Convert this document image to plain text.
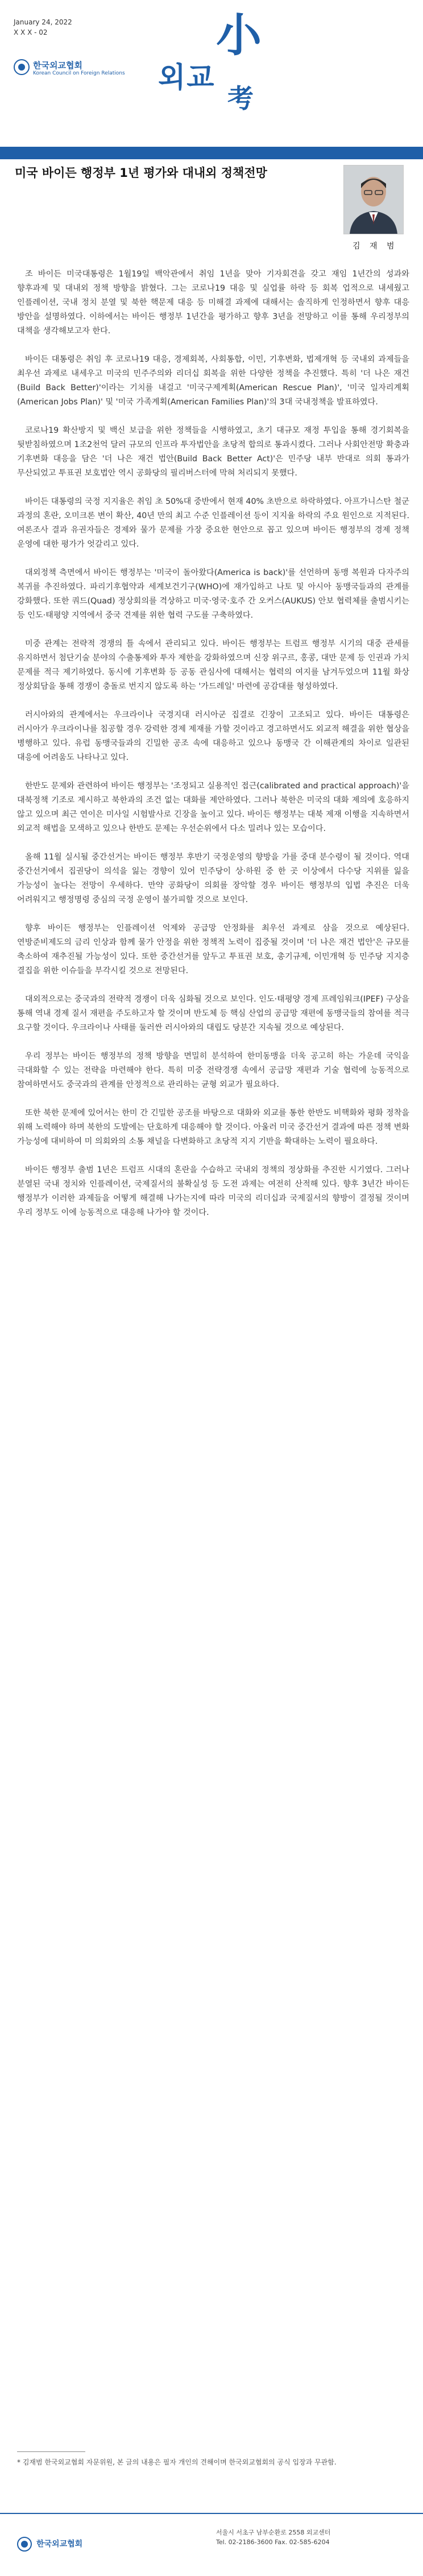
January 24, 2022
X X X - 02
한국외교협회
Korean Council on Foreign Relations 외교
小
考
미국 바이든 행정부 1년 평가와 대내외 정책전망
김 재 범

조 바이든 미국대통령은 1월19일 백악관에서 취임 1년을 맞아 기자회견을 갖고 재임 1년간의 성과와 향후과제 및 대내외 정책 방향을 밝혔다. 그는 코로나19 대응 및 실업률 하락 등 회복 업적으로 내세웠고 인플레이션, 국내 정치 분열 및 북한 핵문제 대응 등 미해결 과제에 대해서는 솔직하게 인정하면서 향후 대응 방안을 설명하였다. 이하에서는 바이든 행정부 1년간을 평가하고 향후 3년을 전망하고 이를 통해 우리정부의 대책을 생각해보고자 한다.

바이든 대통령은 취임 후 코로나19 대응, 경제회복, 사회통합, 이민, 기후변화, 법제개혁 등 국내외 과제들을 최우선 과제로 내세우고 미국의 민주주의와 리더십 회복을 위한 다양한 정책을 추진했다. 특히 '더 나은 재건(Build Back Better)'이라는 기치를 내걸고 '미국구제계획(American Rescue Plan)', '미국 일자리계획(American Jobs Plan)' 및 '미국 가족계획(American Families Plan)'의 3대 국내정책을 발표하였다.

코로나19 확산방지 및 백신 보급을 위한 정책들을 시행하였고, 초기 대규모 재정 투입을 통해 경기회복을 뒷받침하였으며 1조2천억 달러 규모의 인프라 투자법안을 초당적 합의로 통과시켰다. 그러나 사회안전망 확충과 기후변화 대응을 담은 '더 나은 재건 법안(Build Back Better Act)'은 민주당 내부 반대로 의회 통과가 무산되었고 투표권 보호법안 역시 공화당의 필리버스터에 막혀 처리되지 못했다.

바이든 대통령의 국정 지지율은 취임 초 50%대 중반에서 현재 40% 초반으로 하락하였다. 아프가니스탄 철군 과정의 혼란, 오미크론 변이 확산, 40년 만의 최고 수준 인플레이션 등이 지지율 하락의 주요 원인으로 지적된다. 여론조사 결과 유권자들은 경제와 물가 문제를 가장 중요한 현안으로 꼽고 있으며 바이든 행정부의 경제 정책 운영에 대한 평가가 엇갈리고 있다.

대외정책 측면에서 바이든 행정부는 '미국이 돌아왔다(America is back)'를 선언하며 동맹 복원과 다자주의 복귀를 추진하였다. 파리기후협약과 세계보건기구(WHO)에 재가입하고 나토 및 아시아 동맹국들과의 관계를 강화했다. 또한 쿼드(Quad) 정상회의를 격상하고 미국·영국·호주 간 오커스(AUKUS) 안보 협력체를 출범시키는 등 인도·태평양 지역에서 중국 견제를 위한 협력 구도를 구축하였다.

미중 관계는 전략적 경쟁의 틀 속에서 관리되고 있다. 바이든 행정부는 트럼프 행정부 시기의 대중 관세를 유지하면서 첨단기술 분야의 수출통제와 투자 제한을 강화하였으며 신장 위구르, 홍콩, 대만 문제 등 인권과 가치 문제를 적극 제기하였다. 동시에 기후변화 등 공동 관심사에 대해서는 협력의 여지를 남겨두었으며 11월 화상 정상회담을 통해 경쟁이 충돌로 번지지 않도록 하는 '가드레일' 마련에 공감대를 형성하였다.

러시아와의 관계에서는 우크라이나 국경지대 러시아군 집결로 긴장이 고조되고 있다. 바이든 대통령은 러시아가 우크라이나를 침공할 경우 강력한 경제 제재를 가할 것이라고 경고하면서도 외교적 해결을 위한 협상을 병행하고 있다. 유럽 동맹국들과의 긴밀한 공조 속에 대응하고 있으나 동맹국 간 이해관계의 차이로 일관된 대응에 어려움도 나타나고 있다.

한반도 문제와 관련하여 바이든 행정부는 '조정되고 실용적인 접근(calibrated and practical approach)'을 대북정책 기조로 제시하고 북한과의 조건 없는 대화를 제안하였다. 그러나 북한은 미국의 대화 제의에 호응하지 않고 있으며 최근 연이은 미사일 시험발사로 긴장을 높이고 있다. 바이든 행정부는 대북 제재 이행을 지속하면서 외교적 해법을 모색하고 있으나 한반도 문제는 우선순위에서 다소 밀려나 있는 모습이다.

올해 11월 실시될 중간선거는 바이든 행정부 후반기 국정운영의 향방을 가를 중대 분수령이 될 것이다. 역대 중간선거에서 집권당이 의석을 잃는 경향이 있어 민주당이 상·하원 중 한 곳 이상에서 다수당 지위를 잃을 가능성이 높다는 전망이 우세하다. 만약 공화당이 의회를 장악할 경우 바이든 행정부의 입법 추진은 더욱 어려워지고 행정명령 중심의 국정 운영이 불가피할 것으로 보인다.

향후 바이든 행정부는 인플레이션 억제와 공급망 안정화를 최우선 과제로 삼을 것으로 예상된다. 연방준비제도의 금리 인상과 함께 물가 안정을 위한 정책적 노력이 집중될 것이며 '더 나은 재건 법안'은 규모를 축소하여 재추진될 가능성이 있다. 또한 중간선거를 앞두고 투표권 보호, 총기규제, 이민개혁 등 민주당 지지층 결집을 위한 이슈들을 부각시킬 것으로 전망된다.

대외적으로는 중국과의 전략적 경쟁이 더욱 심화될 것으로 보인다. 인도·태평양 경제 프레임워크(IPEF) 구상을 통해 역내 경제 질서 재편을 주도하고자 할 것이며 반도체 등 핵심 산업의 공급망 재편에 동맹국들의 참여를 적극 요구할 것이다. 우크라이나 사태를 둘러싼 러시아와의 대립도 당분간 지속될 것으로 예상된다.

우리 정부는 바이든 행정부의 정책 방향을 면밀히 분석하여 한미동맹을 더욱 공고히 하는 가운데 국익을 극대화할 수 있는 전략을 마련해야 한다. 특히 미중 전략경쟁 속에서 공급망 재편과 기술 협력에 능동적으로 참여하면서도 중국과의 관계를 안정적으로 관리하는 균형 외교가 필요하다.

또한 북한 문제에 있어서는 한미 간 긴밀한 공조를 바탕으로 대화와 외교를 통한 한반도 비핵화와 평화 정착을 위해 노력해야 하며 북한의 도발에는 단호하게 대응해야 할 것이다. 아울러 미국 중간선거 결과에 따른 정책 변화 가능성에 대비하여 미 의회와의 소통 채널을 다변화하고 초당적 지지 기반을 확대하는 노력이 필요하다.

바이든 행정부 출범 1년은 트럼프 시대의 혼란을 수습하고 국내외 정책의 정상화를 추진한 시기였다. 그러나 분열된 국내 정치와 인플레이션, 국제질서의 불확실성 등 도전 과제는 여전히 산적해 있다. 향후 3년간 바이든 행정부가 이러한 과제들을 어떻게 해결해 나가는지에 따라 미국의 리더십과 국제질서의 향방이 결정될 것이며 우리 정부도 이에 능동적으로 대응해 나가야 할 것이다.

* 김재범 한국외교협회 자문위원, 본 글의 내용은 필자 개인의 견해이며 한국외교협회의 공식 입장과 무관함.
한국외교협회
서울시 서초구 남부순환로 2558 외교센터
Tel. 02-2186-3600 Fax. 02-585-6204
